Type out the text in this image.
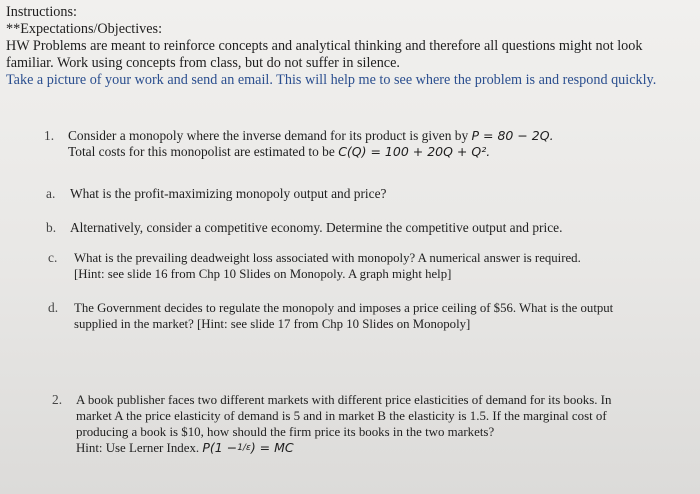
Instructions:
**Expectations/Objectives:
HW Problems are meant to reinforce concepts and analytical thinking and therefore all questions might not look
familiar. Work using concepts from class, but do not suffer in silence.
Take a picture of your work and send an email. This will help me to see where the problem is and respond quickly.
1. Consider a monopoly where the inverse demand for its product is given by P = 80 − 2Q.
Total costs for this monopolist are estimated to be C(Q) = 100 + 20Q + Q².
a. What is the profit-maximizing monopoly output and price?
b. Alternatively, consider a competitive economy. Determine the competitive output and price.
c. What is the prevailing deadweight loss associated with monopoly? A numerical answer is required.
[Hint: see slide 16 from Chp 10 Slides on Monopoly. A graph might help]
d. The Government decides to regulate the monopoly and imposes a price ceiling of $56. What is the output
supplied in the market? [Hint: see slide 17 from Chp 10 Slides on Monopoly]
2. A book publisher faces two different markets with different price elasticities of demand for its books. In
market A the price elasticity of demand is 5 and in market B the elasticity is 1.5. If the marginal cost of
producing a book is $10, how should the firm price its books in the two markets?
Hint: Use Lerner Index. P(1 −1/ε) = MC
